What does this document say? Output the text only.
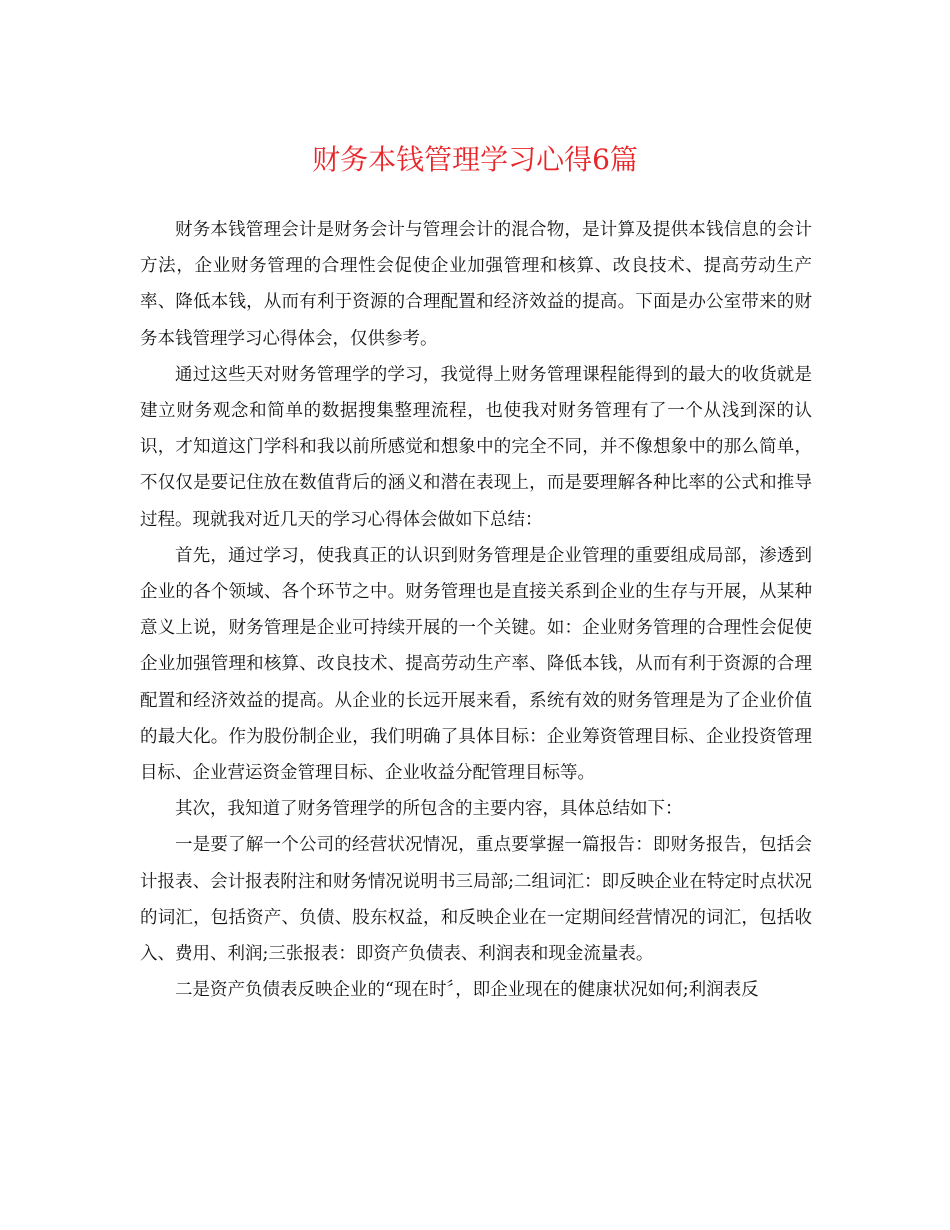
财务本钱管理学习心得6篇

财务本钱管理会计是财务会计与管理会计的混合物，是计算及提供本钱信息的会计方法，企业财务管理的合理性会促使企业加强管理和核算、改良技术、提高劳动生产率、降低本钱，从而有利于资源的合理配置和经济效益的提高。下面是办公室带来的财务本钱管理学习心得体会，仅供参考。

通过这些天对财务管理学的学习，我觉得上财务管理课程能得到的最大的收货就是建立财务观念和简单的数据搜集整理流程，也使我对财务管理有了一个从浅到深的认识，才知道这门学科和我以前所感觉和想象中的完全不同，并不像想象中的那么简单，不仅仅是要记住放在数值背后的涵义和潜在表现上，而是要理解各种比率的公式和推导过程。现就我对近几天的学习心得体会做如下总结：

首先，通过学习，使我真正的认识到财务管理是企业管理的重要组成局部，渗透到企业的各个领域、各个环节之中。财务管理也是直接关系到企业的生存与开展，从某种意义上说，财务管理是企业可持续开展的一个关键。如：企业财务管理的合理性会促使企业加强管理和核算、改良技术、提高劳动生产率、降低本钱，从而有利于资源的合理配置和经济效益的提高。从企业的长远开展来看，系统有效的财务管理是为了企业价值的最大化。作为股份制企业，我们明确了具体目标：企业筹资管理目标、企业投资管理目标、企业营运资金管理目标、企业收益分配管理目标等。

其次，我知道了财务管理学的所包含的主要内容，具体总结如下：

一是要了解一个公司的经营状况情况，重点要掌握一篇报告：即财务报告，包括会计报表、会计报表附注和财务情况说明书三局部;二组词汇：即反映企业在特定时点状况的词汇，包括资产、负债、股东权益，和反映企业在一定期间经营情况的词汇，包括收入、费用、利润;三张报表：即资产负债表、利润表和现金流量表。

二是资产负债表反映企业的“现在时〞，即企业现在的健康状况如何;利润表反
